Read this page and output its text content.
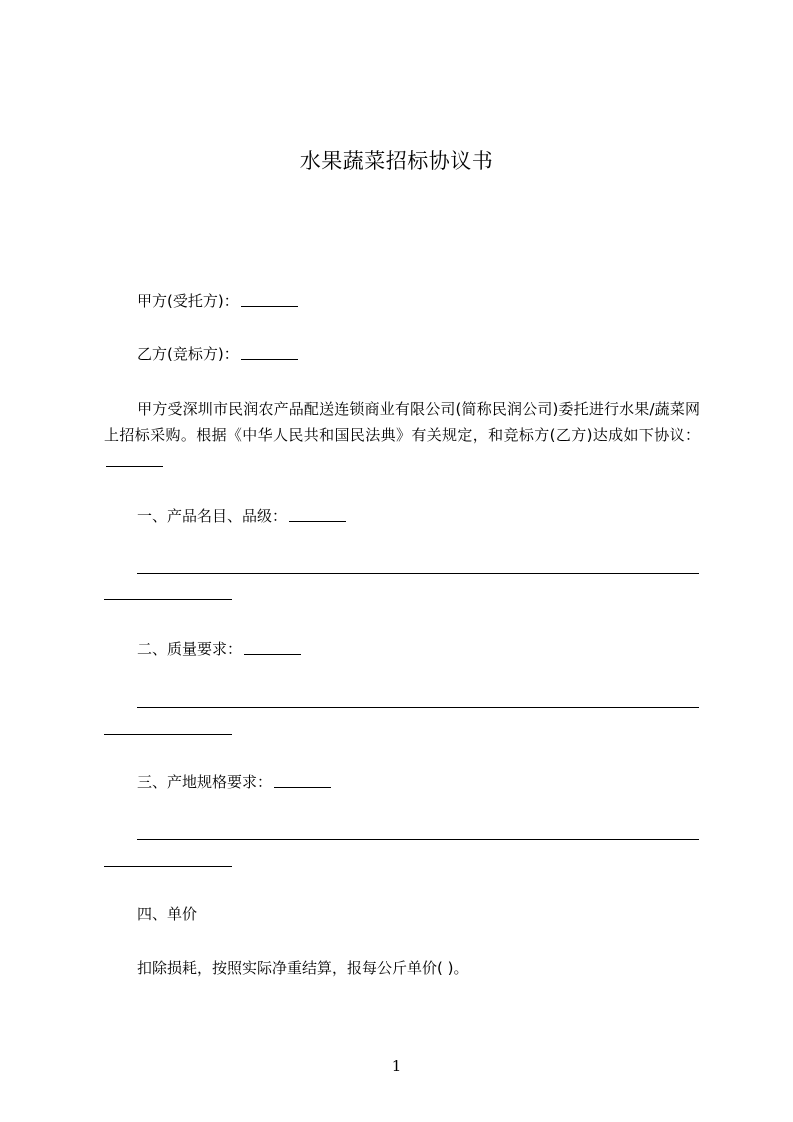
水果蔬菜招标协议书
甲方(受托方)：
乙方(竞标方)：
甲方受深圳市民润农产品配送连锁商业有限公司(简称民润公司)委托进行水果/蔬菜网上招标采购。根据《中华人民共和国民法典》有关规定，和竞标方(乙方)达成如下协议：
一、产品名目、品级：
二、质量要求：
三、产地规格要求：
四、单价
扣除损耗，按照实际净重结算，报每公斤单价( )。
1
